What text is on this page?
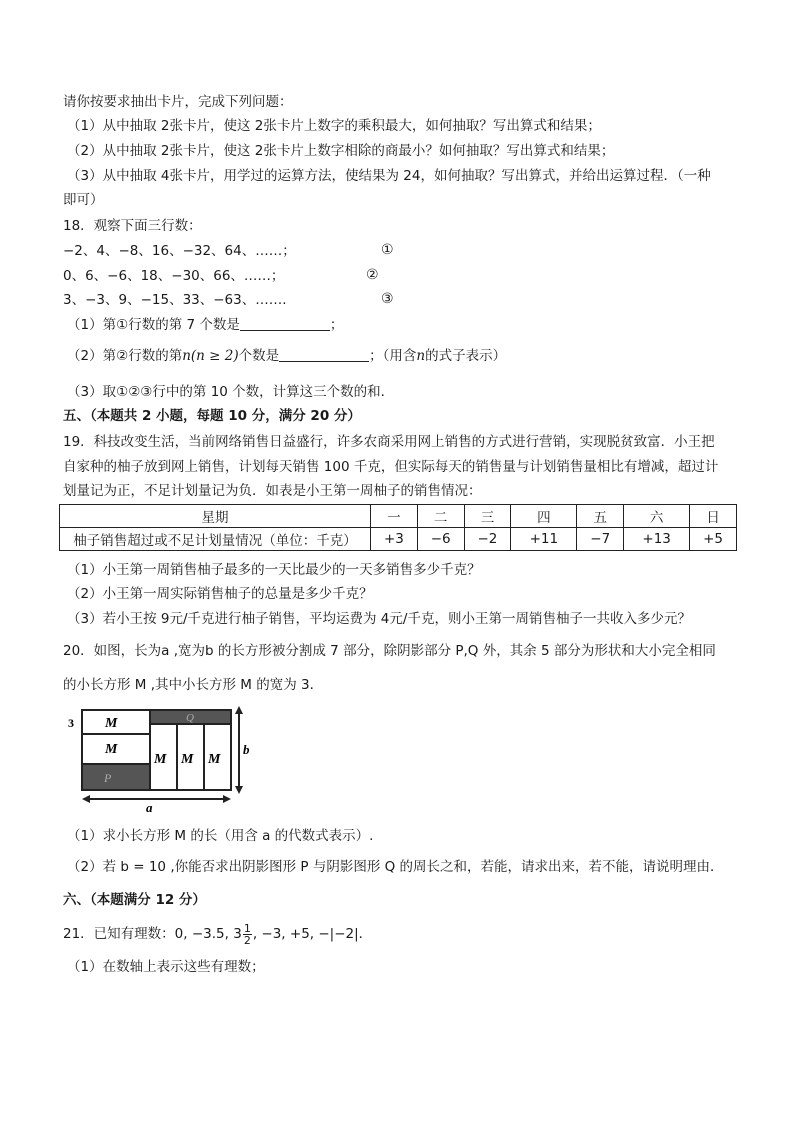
请你按要求抽出卡片，完成下列问题：
（1）从中抽取 2张卡片，使这 2张卡片上数字的乘积最大，如何抽取？写出算式和结果；
（2）从中抽取 2张卡片，使这 2张卡片上数字相除的商最小？如何抽取？写出算式和结果；
（3）从中抽取 4张卡片，用学过的运算方法，使结果为 24，如何抽取？写出算式，并给出运算过程．（一种
即可）
18．观察下面三行数：
−2、4、−8、16、−32、64、……；	①
0、6、−6、18、−30、66、……；	②
3、−3、9、−15、33、−63、…….	③
（1）第①行数的第 7 个数是	；
（2）第②行数的第n(n ≥ 2)个数是	；（用含n的式子表示）
（3）取①②③行中的第 10 个数，计算这三个数的和．
五、（本题共 2 小题，每题 10 分，满分 20 分）
19．科技改变生活，当前网络销售日益盛行，许多农商采用网上销售的方式进行营销，实现脱贫致富．小王把
自家种的柚子放到网上销售，计划每天销售 100 千克，但实际每天的销售量与计划销售量相比有增减，超过计
划量记为正，不足计划量记为负．如表是小王第一周柚子的销售情况：
星期	一	二	三	四	五	六	日
柚子销售超过或不足计划量情况（单位：千克）	+3	−6	−2	+11	−7	+13	+5
（1）小王第一周销售柚子最多的一天比最少的一天多销售多少千克？
（2）小王第一周实际销售柚子的总量是多少千克？
（3）若小王按 9元/千克进行柚子销售，平均运费为 4元/千克，则小王第一周销售柚子一共收入多少元？
20．如图，长为a ,宽为b 的长方形被分割成 7 部分，除阴影部分 P,Q 外，其余 5 部分为形状和大小完全相同
的小长方形 M ,其中小长方形 M 的宽为 3．
3 M
M
M M M
P
Q
b
a
（1）求小长方形 M 的长（用含 a 的代数式表示）.
（2）若 b = 10 ,你能否求出阴影图形 P 与阴影图形 Q 的周长之和，若能，请求出来，若不能，请说明理由．
六、（本题满分 12 分）
21．已知有理数：0, −3.5, $3 \frac{1}{2}$ , −3, +5, −|−2|．
（1）在数轴上表示这些有理数；
